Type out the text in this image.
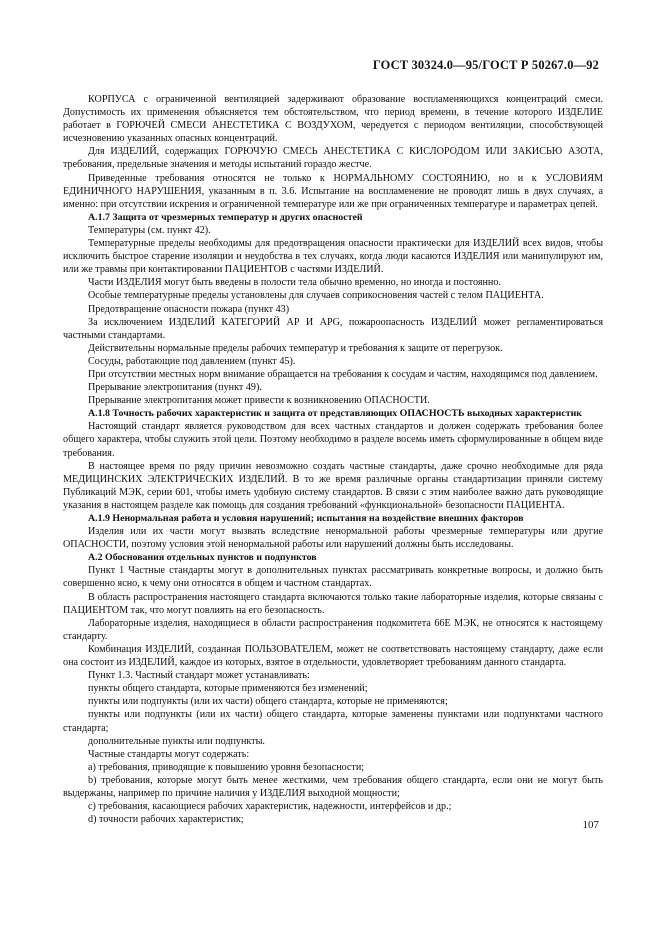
ГОСТ 30324.0—95/ГОСТ Р 50267.0—92

КОРПУСА с ограниченной вентиляцией задерживают образование воспламеняющихся концентраций смеси. Допустимость их применения объясняется тем обстоятельством, что период времени, в течение которого ИЗДЕЛИЕ работает в ГОРЮЧЕЙ СМЕСИ АНЕСТЕТИКА С ВОЗДУХОМ, чередуется с периодом вентиляции, способствующей исчезновению указанных опасных концентраций.

Для ИЗДЕЛИЙ, содержащих ГОРЮЧУЮ СМЕСЬ АНЕСТЕТИКА С КИСЛОРОДОМ ИЛИ ЗАКИСЬЮ АЗОТА, требования, предельные значения и методы испытаний гораздо жестче.

Приведенные требования относятся не только к НОРМАЛЬНОМУ СОСТОЯНИЮ, но и к УСЛОВИЯМ ЕДИНИЧНОГО НАРУШЕНИЯ, указанным в п. 3.6. Испытание на воспламенение не проводят лишь в двух случаях, а именно: при отсутствии искрения и ограниченной температуре или же при ограниченных температуре и параметрах цепей.

А.1.7 Защита от чрезмерных температур и других опасностей

Температуры (см. пункт 42).

Температурные пределы необходимы для предотвращения опасности практически для ИЗДЕЛИЙ всех видов, чтобы исключить быстрое старение изоляции и неудобства в тех случаях, когда люди касаются ИЗДЕЛИЯ или манипулируют им, или же травмы при контактировании ПАЦИЕНТОВ с частями ИЗДЕЛИЙ.

Части ИЗДЕЛИЯ могут быть введены в полости тела обычно временно, но иногда и постоянно.

Особые температурные пределы установлены для случаев соприкосновения частей с телом ПАЦИЕНТА.

Предотвращение опасности пожара (пункт 43)

За исключением ИЗДЕЛИЙ КАТЕГОРИЙ АР И АРG, пожароопасность ИЗДЕЛИЙ может регламентироваться частными стандартами.

Действительны нормальные пределы рабочих температур и требования к защите от перегрузок.

Сосуды, работающие под давлением (пункт 45).

При отсутствии местных норм внимание обращается на требования к сосудам и частям, находящимся под давлением.

Прерывание электропитания (пункт 49).

Прерывание электропитания может привести к возникновению ОПАСНОСТИ.

А.1.8 Точность рабочих характеристик и защита от представляющих ОПАСНОСТЬ выходных характеристик

Настоящий стандарт является руководством для всех частных стандартов и должен содержать требования более общего характера, чтобы служить этой цели. Поэтому необходимо в разделе восемь иметь сформулированные в общем виде требования.

В настоящее время по ряду причин невозможно создать частные стандарты, даже срочно необходимые для ряда МЕДИЦИНСКИХ ЭЛЕКТРИЧЕСКИХ ИЗДЕЛИЙ. В то же время различные органы стандартизации приняли систему Публикаций МЭК, серии 601, чтобы иметь удобную систему стандартов. В связи с этим наиболее важно дать руководящие указания в настоящем разделе как помощь для создания требований «функциональной» безопасности ПАЦИЕНТА.

А.1.9 Ненормальная работа и условия нарушений; испытания на воздействие внешних факторов

Изделия или их части могут вызвать вследствие ненормальной работы чрезмерные температуры или другие ОПАСНОСТИ, поэтому условия этой ненормальной работы или нарушений должны быть исследованы.

А.2 Обоснования отдельных пунктов и подпунктов

Пункт 1 Частные стандарты могут в дополнительных пунктах рассматривать конкретные вопросы, и должно быть совершенно ясно, к чему они относятся в общем и частном стандартах.

В область распространения настоящего стандарта включаются только такие лабораторные изделия, которые связаны с ПАЦИЕНТОМ так, что могут повлиять на его безопасность.

Лабораторные изделия, находящиеся в области распространения подкомитета 66Е МЭК, не относятся к настоящему стандарту.

Комбинация ИЗДЕЛИЙ, созданная ПОЛЬЗОВАТЕЛЕМ, может не соответствовать настоящему стандарту, даже если она состоит из ИЗДЕЛИЙ, каждое из которых, взятое в отдельности, удовлетворяет требованиям данного стандарта.

Пункт 1.3. Частный стандарт может устанавливать:

пункты общего стандарта, которые применяются без изменений;

пункты или подпункты (или их части) общего стандарта, которые не применяются;

пункты или подпункты (или их части) общего стандарта, которые заменены пунктами или подпунктами частного стандарта;

дополнительные пункты или подпункты.

Частные стандарты могут содержать:

а) требования, приводящие к повышению уровня безопасности;

b) требования, которые могут быть менее жесткими, чем требования общего стандарта, если они не могут быть выдержаны, например по причине наличия у ИЗДЕЛИЯ выходной мощности;

с) требования, касающиеся рабочих характеристик, надежности, интерфейсов и др.;

d) точности рабочих характеристик;	107
